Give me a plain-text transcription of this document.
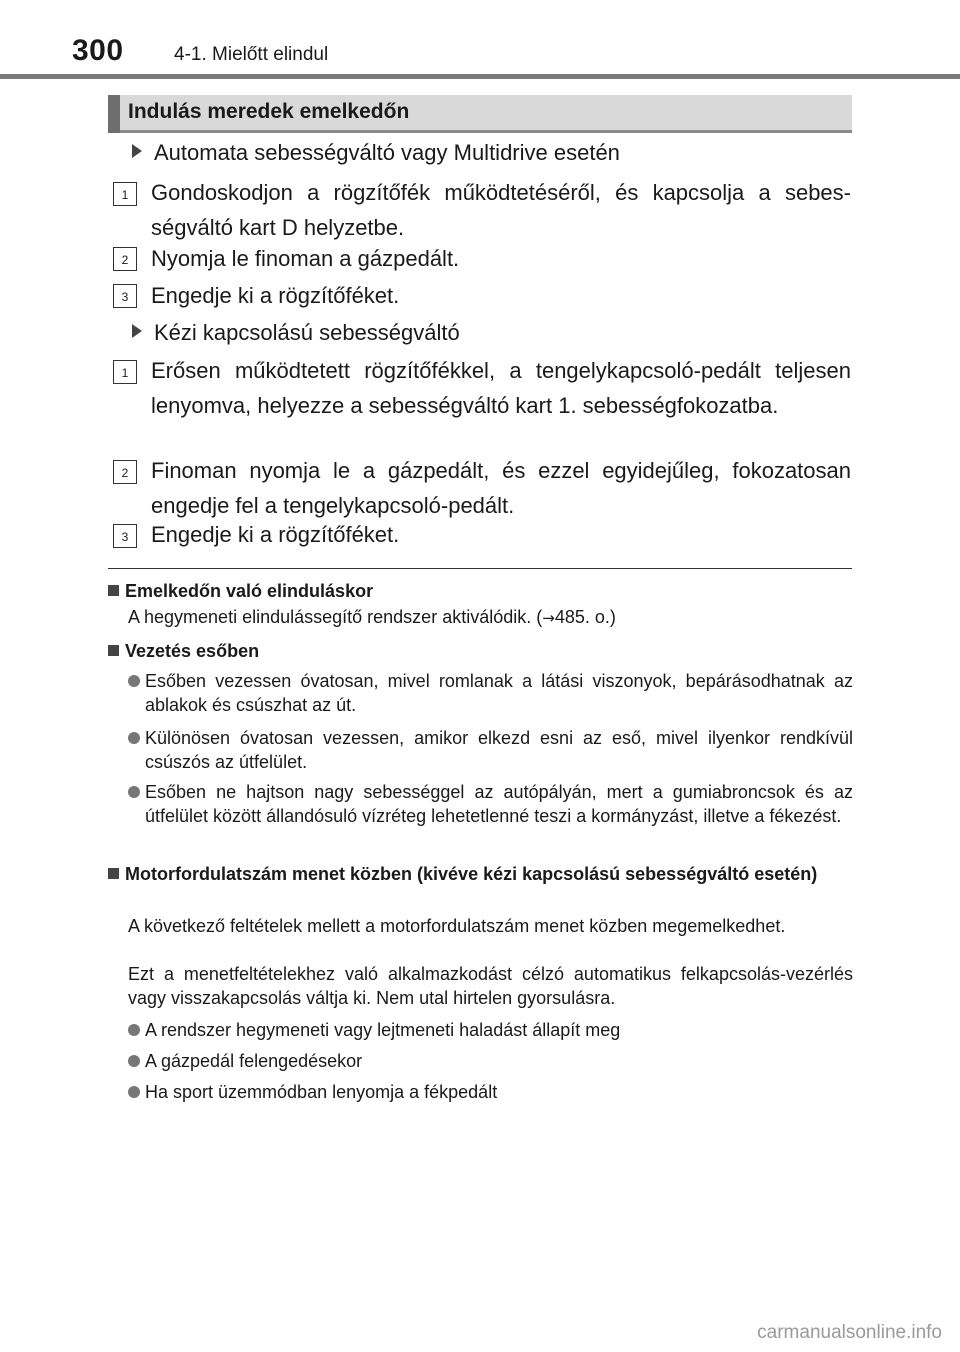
300	4-1. Mielőtt elindul
Indulás meredek emelkedőn
Automata sebességváltó vagy Multidrive esetén
1	Gondoskodjon a rögzítőfék működtetéséről, és kapcsolja a sebességváltó kart D helyzetbe.
2	Nyomja le finoman a gázpedált.
3	Engedje ki a rögzítőféket.
Kézi kapcsolású sebességváltó
1	Erősen működtetett rögzítőfékkel, a tengelykapcsoló-pedált teljesen lenyomva, helyezze a sebességváltó kart 1. sebességfokozatba.
2	Finoman nyomja le a gázpedált, és ezzel egyidejűleg, fokozatosan engedje fel a tengelykapcsoló-pedált.
3	Engedje ki a rögzítőféket.
Emelkedőn való elinduláskor
A hegymeneti elindulássegítő rendszer aktiválódik. (→485. o.)
Vezetés esőben
Esőben vezessen óvatosan, mivel romlanak a látási viszonyok, bepárásodhatnak az ablakok és csúszhat az út.
Különösen óvatosan vezessen, amikor elkezd esni az eső, mivel ilyenkor rendkívül csúszós az útfelület.
Esőben ne hajtson nagy sebességgel az autópályán, mert a gumiabroncsok és az útfelület között állandósuló vízréteg lehetetlenné teszi a kormányzást, illetve a fékezést.
Motorfordulatszám menet közben (kivéve kézi kapcsolású sebességváltó esetén)
A következő feltételek mellett a motorfordulatszám menet közben megemelkedhet.
Ezt a menetfeltételekhez való alkalmazkodást célzó automatikus felkapcsolás-vezérlés vagy visszakapcsolás váltja ki. Nem utal hirtelen gyorsulásra.
A rendszer hegymeneti vagy lejtmeneti haladást állapít meg
A gázpedál felengedésekor
Ha sport üzemmódban lenyomja a fékpedált
carmanualsonline.info
